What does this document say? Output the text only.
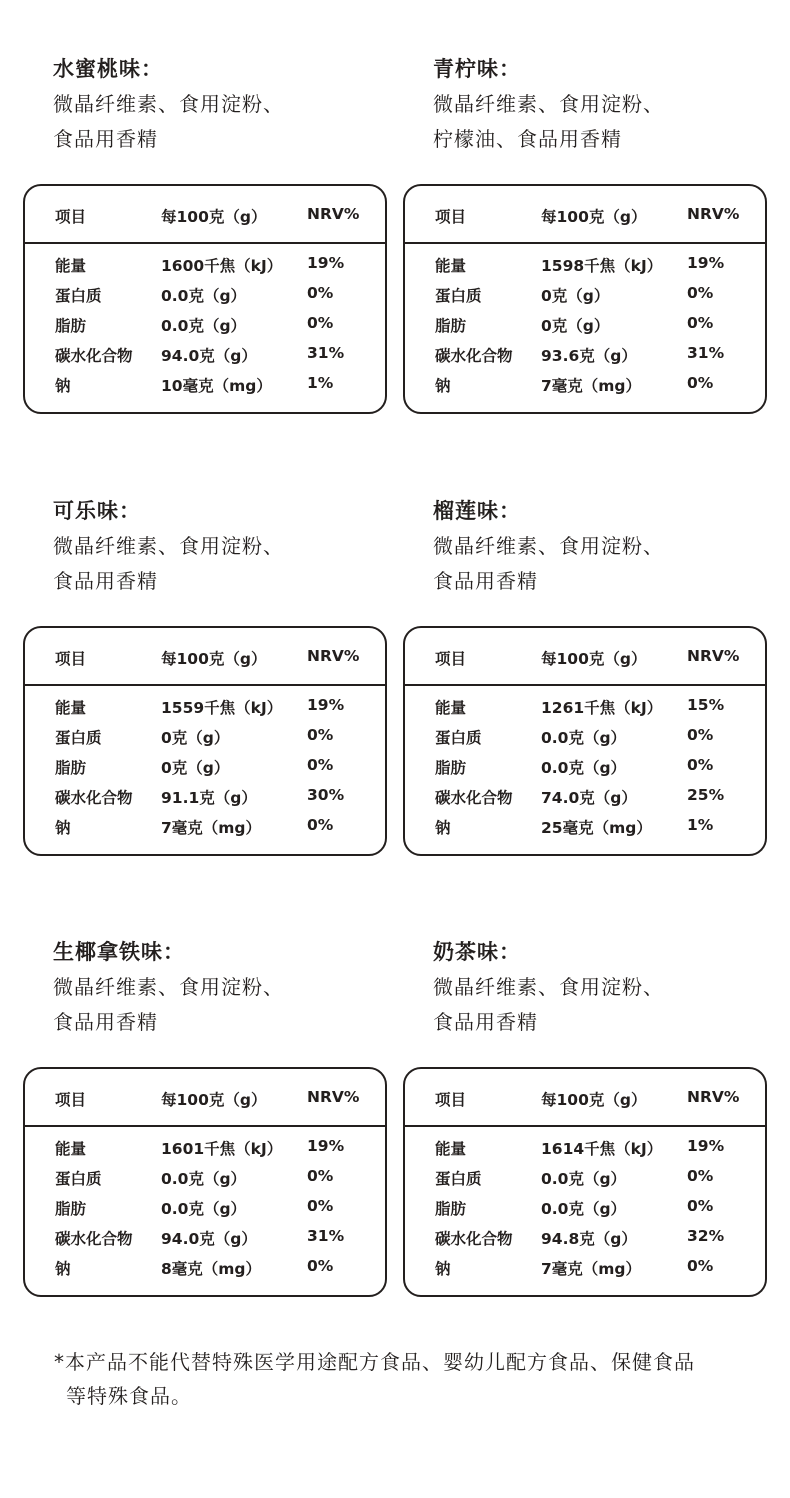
水蜜桃味：
微晶纤维素、食用淀粉、
食品用香精
项目	每100克（g）	NRV%
能量	1600千焦（kJ） 19%
蛋白质	0.0克（g）	0%
脂肪	0.0克（g）	0%
碳水化合物 94.0克（g）	31%
钠	10毫克（mg） 1%
青柠味：
微晶纤维素、食用淀粉、
柠檬油、食品用香精
项目	每100克（g）	NRV%
能量	1598千焦（kJ） 19%
蛋白质	0克（g）	0%
脂肪	0克（g）	0%
碳水化合物 93.6克（g）	31%
钠	7毫克（mg）	0%
可乐味：
微晶纤维素、食用淀粉、
食品用香精
项目	每100克（g）	NRV%
能量	1559千焦（kJ） 19%
蛋白质	0克（g）	0%
脂肪	0克（g）	0%
碳水化合物 91.1克（g）	30%
钠	7毫克（mg）	0%
榴莲味：
微晶纤维素、食用淀粉、
食品用香精
项目	每100克（g）	NRV%
能量	1261千焦（kJ） 15%
蛋白质	0.0克（g）	0%
脂肪	0.0克（g）	0%
碳水化合物 74.0克（g）	25%
钠	25毫克（mg） 1%
生椰拿铁味：
微晶纤维素、食用淀粉、
食品用香精
项目	每100克（g）	NRV%
能量	1601千焦（kJ） 19%
蛋白质	0.0克（g）	0%
脂肪	0.0克（g）	0%
碳水化合物 94.0克（g）	31%
钠	8毫克（mg）	0%
奶茶味：
微晶纤维素、食用淀粉、
食品用香精
项目	每100克（g）	NRV%
能量	1614千焦（kJ） 19%
蛋白质	0.0克（g）	0%
脂肪	0.0克（g）	0%
碳水化合物 94.8克（g）	32%
钠	7毫克（mg）	0%
*本产品不能代替特殊医学用途配方食品、婴幼儿配方食品、保健食品
等特殊食品。
